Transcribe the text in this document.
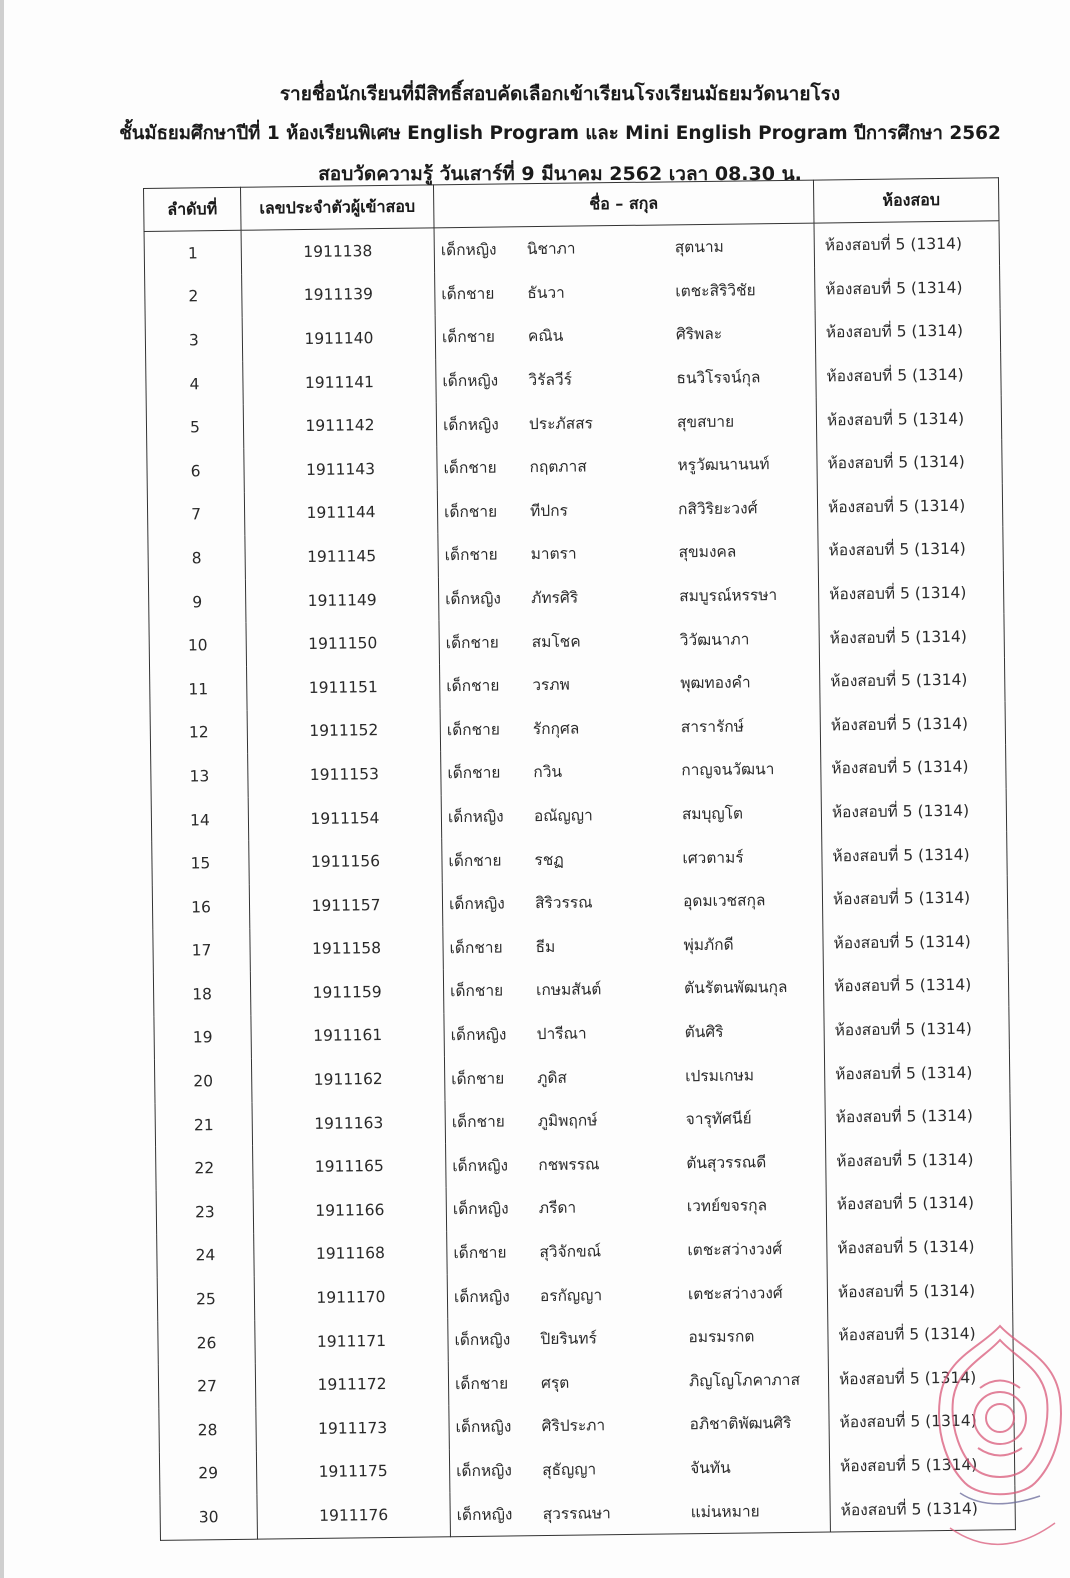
รายชื่อนักเรียนที่มีสิทธิ์สอบคัดเลือกเข้าเรียนโรงเรียนมัธยมวัดนายโรง
ชั้นมัธยมศึกษาปีที่ 1 ห้องเรียนพิเศษ English Program และ Mini English Program ปีการศึกษา 2562
สอบวัดความรู้ วันเสาร์ที่ 9 มีนาคม 2562 เวลา 08.30 น.
ลำดับที่	เลขประจำตัวผู้เข้าสอบ	ชื่อ – สกุล	ห้องสอบ
1	1911138	เด็กหญิง นิชาภา สุตนาม	ห้องสอบที่ 5 (1314)
2	1911139	เด็กชาย ธันวา เตชะสิริวิชัย	ห้องสอบที่ 5 (1314)
3	1911140	เด็กชาย คณิน ศิริพละ	ห้องสอบที่ 5 (1314)
4	1911141	เด็กหญิง วิรัลวีร์ ธนวิโรจน์กุล	ห้องสอบที่ 5 (1314)
5	1911142	เด็กหญิง ประภัสสร สุขสบาย	ห้องสอบที่ 5 (1314)
6	1911143	เด็กชาย กฤตภาส หรูวัฒนานนท์	ห้องสอบที่ 5 (1314)
7	1911144	เด็กชาย ทีปกร กสิวิริยะวงศ์	ห้องสอบที่ 5 (1314)
8	1911145	เด็กชาย มาตรา สุขมงคล	ห้องสอบที่ 5 (1314)
9	1911149	เด็กหญิง ภัทรศิริ สมบูรณ์หรรษา	ห้องสอบที่ 5 (1314)
10	1911150	เด็กชาย สมโชค วิวัฒนาภา	ห้องสอบที่ 5 (1314)
11	1911151	เด็กชาย วรภพ พุฒทองคำ	ห้องสอบที่ 5 (1314)
12	1911152	เด็กชาย รักกุศล สารารักษ์	ห้องสอบที่ 5 (1314)
13	1911153	เด็กชาย กวิน กาญจนวัฒนา	ห้องสอบที่ 5 (1314)
14	1911154	เด็กหญิง อณัญญา สมบุญโต	ห้องสอบที่ 5 (1314)
15	1911156	เด็กชาย รชฏ เศวตามร์	ห้องสอบที่ 5 (1314)
16	1911157	เด็กหญิง สิริวรรณ อุดมเวชสกุล	ห้องสอบที่ 5 (1314)
17	1911158	เด็กชาย ธีม พุ่มภักดี	ห้องสอบที่ 5 (1314)
18	1911159	เด็กชาย เกษมสันต์ ตันรัตนพัฒนกุล	ห้องสอบที่ 5 (1314)
19	1911161	เด็กหญิง ปารีณา ตันศิริ	ห้องสอบที่ 5 (1314)
20	1911162	เด็กชาย ภูดิส เปรมเกษม	ห้องสอบที่ 5 (1314)
21	1911163	เด็กชาย ภูมิพฤกษ์ จารุทัศนีย์	ห้องสอบที่ 5 (1314)
22	1911165	เด็กหญิง กชพรรณ ตันสุวรรณดี	ห้องสอบที่ 5 (1314)
23	1911166	เด็กหญิง ภรีดา เวทย์ขจรกุล	ห้องสอบที่ 5 (1314)
24	1911168	เด็กชาย สุวิจักขณ์ เตชะสว่างวงศ์	ห้องสอบที่ 5 (1314)
25	1911170	เด็กหญิง อรกัญญา เตชะสว่างวงศ์	ห้องสอบที่ 5 (1314)
26	1911171	เด็กหญิง ปิยรินทร์ อมรมรกต	ห้องสอบที่ 5 (1314)
27	1911172	เด็กชาย ศรุต ภิญโญโภคาภาส	ห้องสอบที่ 5 (1314)
28	1911173	เด็กหญิง ศิริประภา อภิชาติพัฒนศิริ	ห้องสอบที่ 5 (1314)
29	1911175	เด็กหญิง สุธัญญา จันทัน	ห้องสอบที่ 5 (1314)
30	1911176	เด็กหญิง สุวรรณษา แม่นหมาย	ห้องสอบที่ 5 (1314)
